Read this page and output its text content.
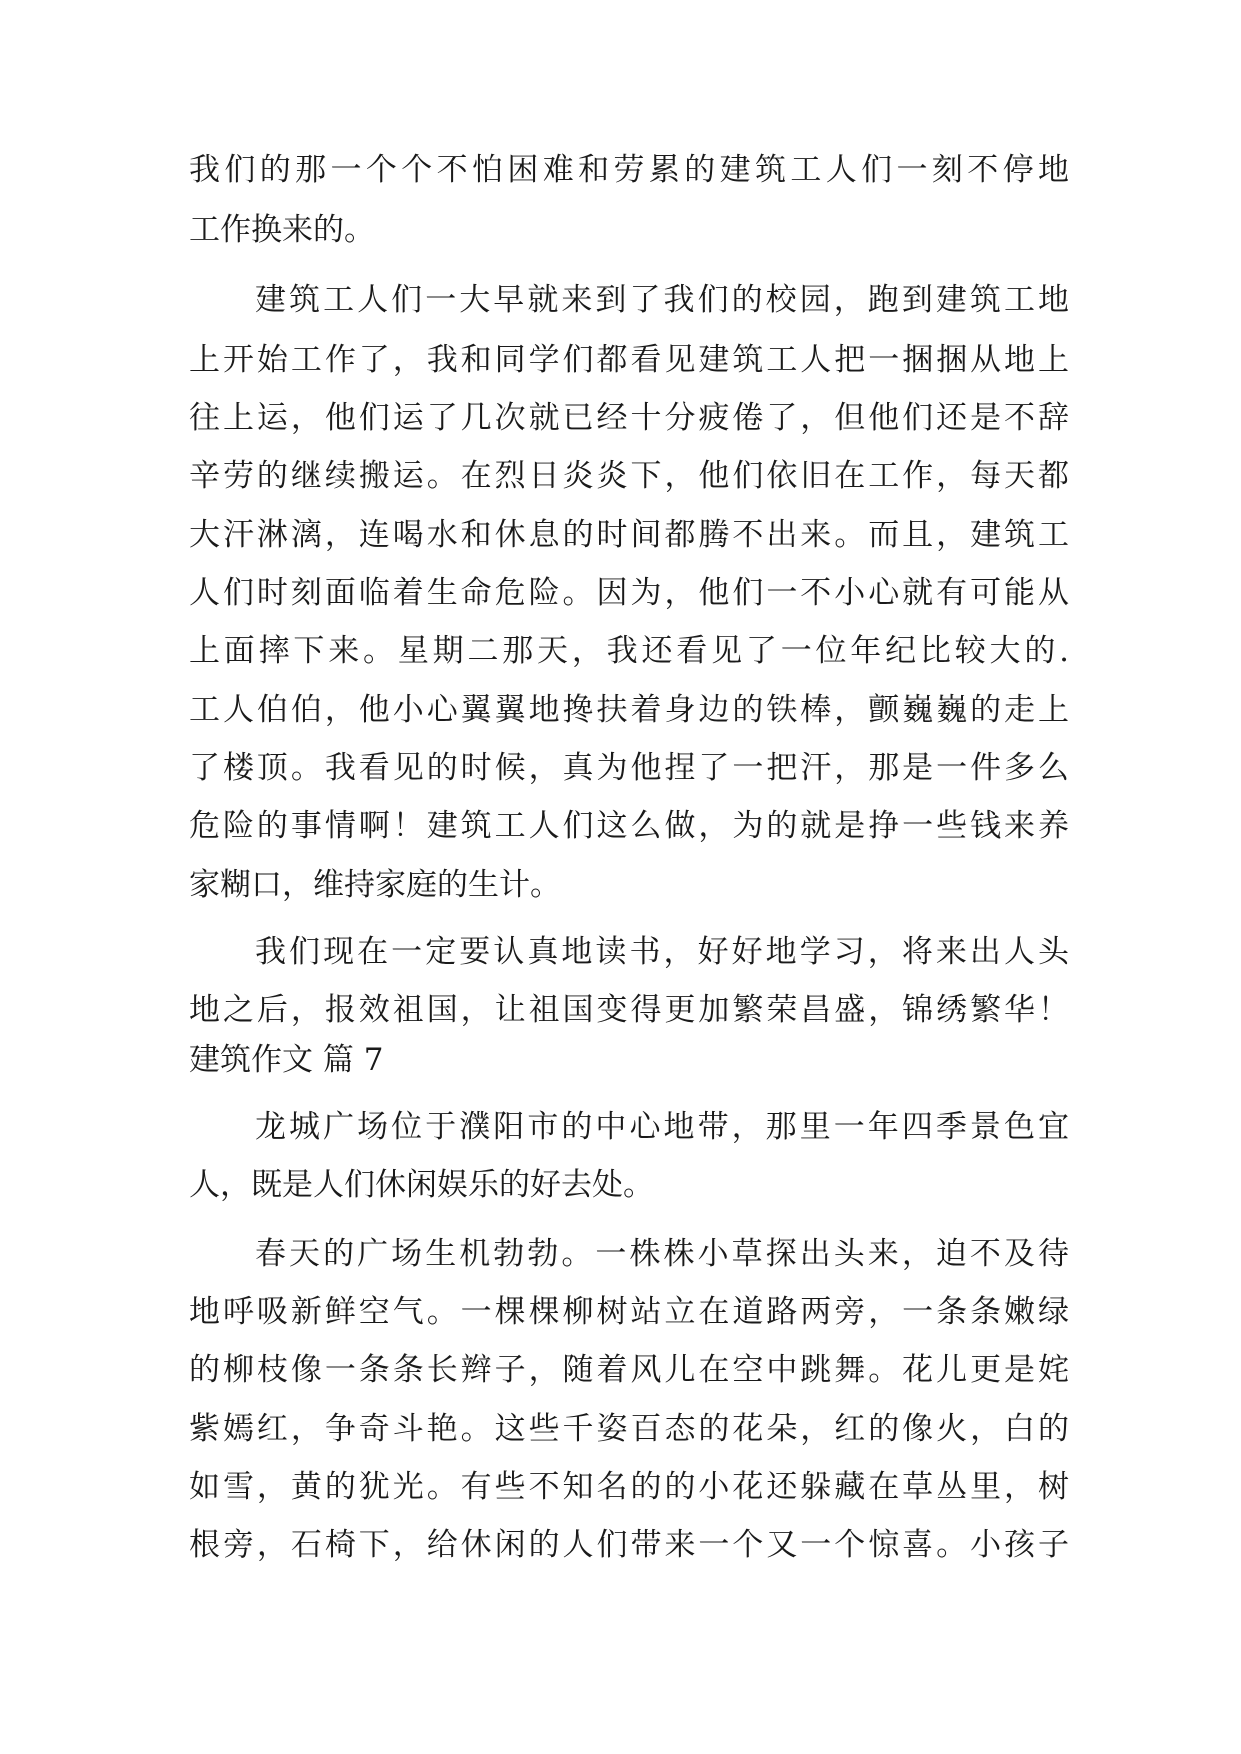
我们的那一个个不怕困难和劳累的建筑工人们一刻不停地
工作换来的。
建筑工人们一大早就来到了我们的校园，跑到建筑工地
上开始工作了，我和同学们都看见建筑工人把一捆捆从地上
往上运，他们运了几次就已经十分疲倦了，但他们还是不辞
辛劳的继续搬运。在烈日炎炎下，他们依旧在工作，每天都
大汗淋漓，连喝水和休息的时间都腾不出来。而且，建筑工
人们时刻面临着生命危险。因为，他们一不小心就有可能从
上面摔下来。星期二那天，我还看见了一位年纪比较大的.
工人伯伯，他小心翼翼地搀扶着身边的铁棒，颤巍巍的走上
了楼顶。我看见的时候，真为他捏了一把汗，那是一件多么
危险的事情啊！建筑工人们这么做，为的就是挣一些钱来养
家糊口，维持家庭的生计。
我们现在一定要认真地读书，好好地学习，将来出人头
地之后，报效祖国，让祖国变得更加繁荣昌盛，锦绣繁华！
建筑作文 篇 7
龙城广场位于濮阳市的中心地带，那里一年四季景色宜
人，既是人们休闲娱乐的好去处。
春天的广场生机勃勃。一株株小草探出头来，迫不及待
地呼吸新鲜空气。一棵棵柳树站立在道路两旁，一条条嫩绿
的柳枝像一条条长辫子，随着风儿在空中跳舞。花儿更是姹
紫嫣红，争奇斗艳。这些千姿百态的花朵，红的像火，白的
如雪，黄的犹光。有些不知名的的小花还躲藏在草丛里，树
根旁，石椅下，给休闲的人们带来一个又一个惊喜。小孩子
